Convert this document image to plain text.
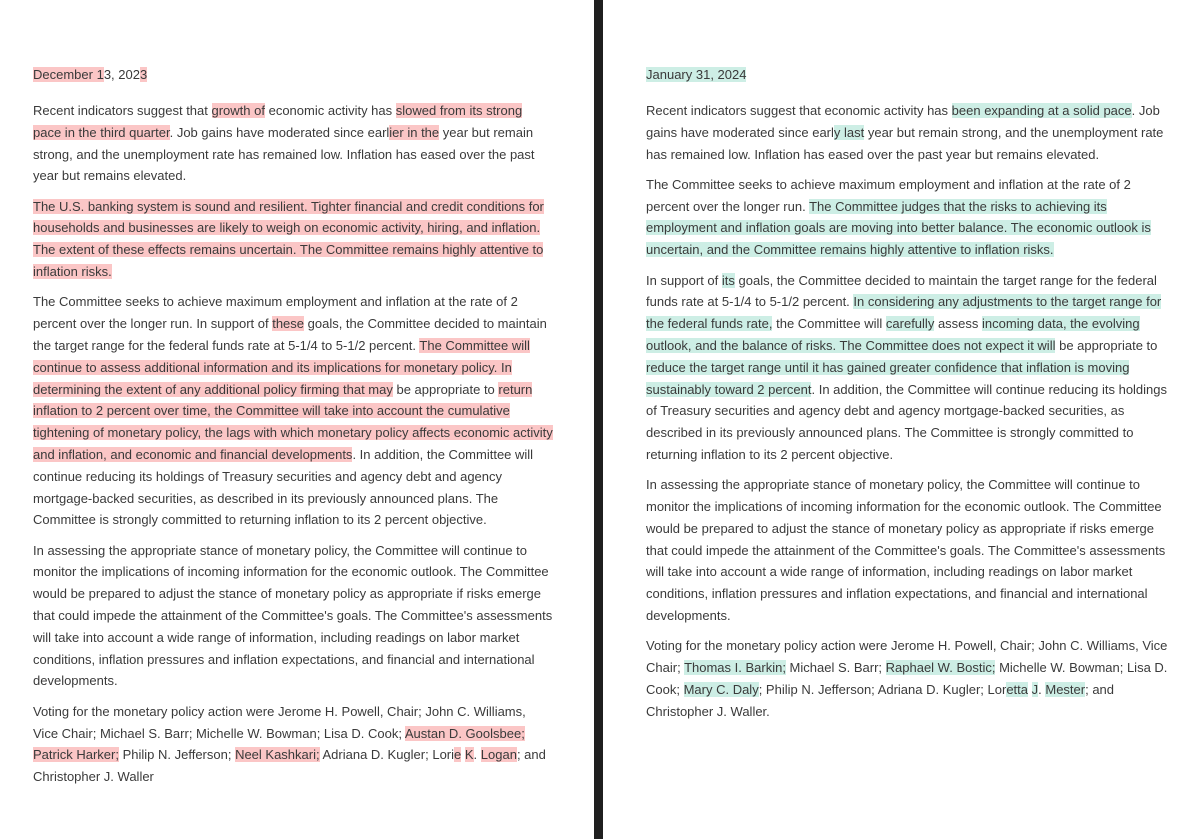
December 13, 2023

Recent indicators suggest that growth of economic activity has slowed from its strong pace in the third quarter. Job gains have moderated since earlier in the year but remain strong, and the unemployment rate has remained low. Inflation has eased over the past year but remains elevated.

The U.S. banking system is sound and resilient. Tighter financial and credit conditions for households and businesses are likely to weigh on economic activity, hiring, and inflation. The extent of these effects remains uncertain. The Committee remains highly attentive to inflation risks.

The Committee seeks to achieve maximum employment and inflation at the rate of 2 percent over the longer run. In support of these goals, the Committee decided to maintain the target range for the federal funds rate at 5-1/4 to 5-1/2 percent. The Committee will continue to assess additional information and its implications for monetary policy. In determining the extent of any additional policy firming that may be appropriate to return inflation to 2 percent over time, the Committee will take into account the cumulative tightening of monetary policy, the lags with which monetary policy affects economic activity and inflation, and economic and financial developments. In addition, the Committee will continue reducing its holdings of Treasury securities and agency debt and agency mortgage-backed securities, as described in its previously announced plans. The Committee is strongly committed to returning inflation to its 2 percent objective.

In assessing the appropriate stance of monetary policy, the Committee will continue to monitor the implications of incoming information for the economic outlook. The Committee would be prepared to adjust the stance of monetary policy as appropriate if risks emerge that could impede the attainment of the Committee's goals. The Committee's assessments will take into account a wide range of information, including readings on labor market conditions, inflation pressures and inflation expectations, and financial and international developments.

Voting for the monetary policy action were Jerome H. Powell, Chair; John C. Williams, Vice Chair; Michael S. Barr; Michelle W. Bowman; Lisa D. Cook; Austan D. Goolsbee; Patrick Harker; Philip N. Jefferson; Neel Kashkari; Adriana D. Kugler; Lorie K. Logan; and Christopher J. Waller

January 31, 2024

Recent indicators suggest that economic activity has been expanding at a solid pace. Job gains have moderated since early last year but remain strong, and the unemployment rate has remained low. Inflation has eased over the past year but remains elevated.

The Committee seeks to achieve maximum employment and inflation at the rate of 2 percent over the longer run. The Committee judges that the risks to achieving its employment and inflation goals are moving into better balance. The economic outlook is uncertain, and the Committee remains highly attentive to inflation risks.

In support of its goals, the Committee decided to maintain the target range for the federal funds rate at 5-1/4 to 5-1/2 percent. In considering any adjustments to the target range for the federal funds rate, the Committee will carefully assess incoming data, the evolving outlook, and the balance of risks. The Committee does not expect it will be appropriate to reduce the target range until it has gained greater confidence that inflation is moving sustainably toward 2 percent. In addition, the Committee will continue reducing its holdings of Treasury securities and agency debt and agency mortgage-backed securities, as described in its previously announced plans. The Committee is strongly committed to returning inflation to its 2 percent objective.

In assessing the appropriate stance of monetary policy, the Committee will continue to monitor the implications of incoming information for the economic outlook. The Committee would be prepared to adjust the stance of monetary policy as appropriate if risks emerge that could impede the attainment of the Committee's goals. The Committee's assessments will take into account a wide range of information, including readings on labor market conditions, inflation pressures and inflation expectations, and financial and international developments.

Voting for the monetary policy action were Jerome H. Powell, Chair; John C. Williams, Vice Chair; Thomas I. Barkin; Michael S. Barr; Raphael W. Bostic; Michelle W. Bowman; Lisa D. Cook; Mary C. Daly; Philip N. Jefferson; Adriana D. Kugler; Loretta J. Mester; and Christopher J. Waller.
